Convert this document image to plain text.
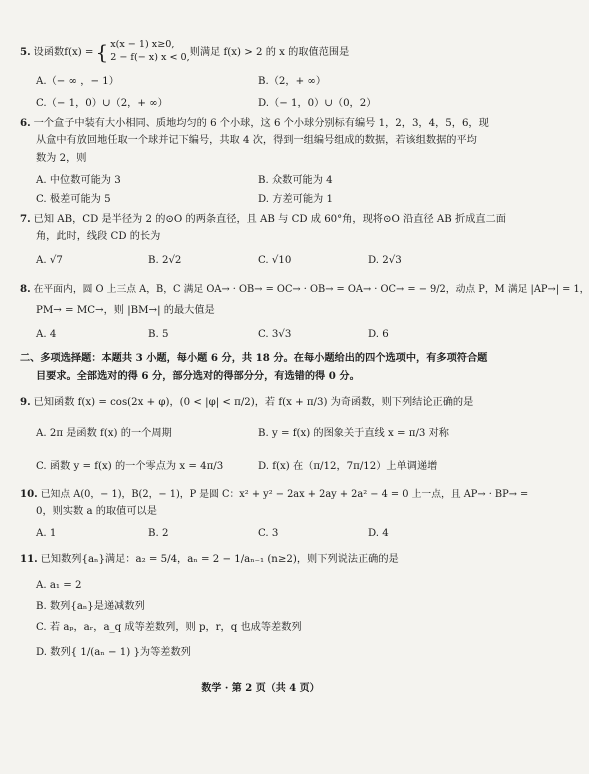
5. 设函数f(x) = { x(x − 1) x≥0,
2 − f(− x) x < 0, 则满足 f(x) > 2 的 x 的取值范围是
A.（− ∞ ，− 1）	B.（2，+ ∞）
C.（− 1，0）∪（2，+ ∞）	D.（− 1，0）∪（0，2）
6. 一个盒子中装有大小相同、质地均匀的 6 个小球，这 6 个小球分别标有编号 1，2，3，4，5，6，现
从盒中有放回地任取一个球并记下编号，共取 4 次，得到一组编号组成的数据，若该组数据的平均
数为 2，则
A. 中位数可能为 3	B. 众数可能为 4
C. 极差可能为 5	D. 方差可能为 1
7. 已知 AB，CD 是半径为 2 的⊙O 的两条直径，且 AB 与 CD 成 60°角，现将⊙O 沿直径 AB 折成直二面
角，此时，线段 CD 的长为
A. √7	B. 2√2	C. √10	D. 2√3
8. 在平面内，圆 O 上三点 A，B，C 满足 OA→ · OB→ = OC→ · OB→ = OA→ · OC→ = − 9/2，动点 P，M 满足 |AP→| = 1，
PM→ = MC→，则 |BM→| 的最大值是
A. 4	B. 5	C. 3√3	D. 6
二、多项选择题：本题共 3 小题，每小题 6 分，共 18 分。在每小题给出的四个选项中，有多项符合题
目要求。全部选对的得 6 分，部分选对的得部分分，有选错的得 0 分。
9. 已知函数 f(x) = cos(2x + φ)，(0 < |φ| < π/2)，若 f(x + π/3) 为奇函数，则下列结论正确的是
A. 2π 是函数 f(x) 的一个周期	B. y = f(x) 的图象关于直线 x = π/3 对称
C. 函数 y = f(x) 的一个零点为 x = 4π/3	D. f(x) 在（π/12，7π/12）上单调递增
10. 已知点 A(0，− 1)，B(2，− 1)，P 是圆 C：x² + y² − 2ax + 2ay + 2a² − 4 = 0 上一点，且 AP→ · BP→ =
0，则实数 a 的取值可以是
A. 1	B. 2	C. 3	D. 4
11. 已知数列{aₙ}满足：a₂ = 5/4，aₙ = 2 − 1/aₙ₋₁ (n≥2)，则下列说法正确的是
A. a₁ = 2
B. 数列{aₙ}是递减数列
C. 若 aₚ，aᵣ，a_q 成等差数列，则 p，r，q 也成等差数列
D. 数列{ 1/(aₙ − 1) }为等差数列
数学 · 第 2 页（共 4 页）
